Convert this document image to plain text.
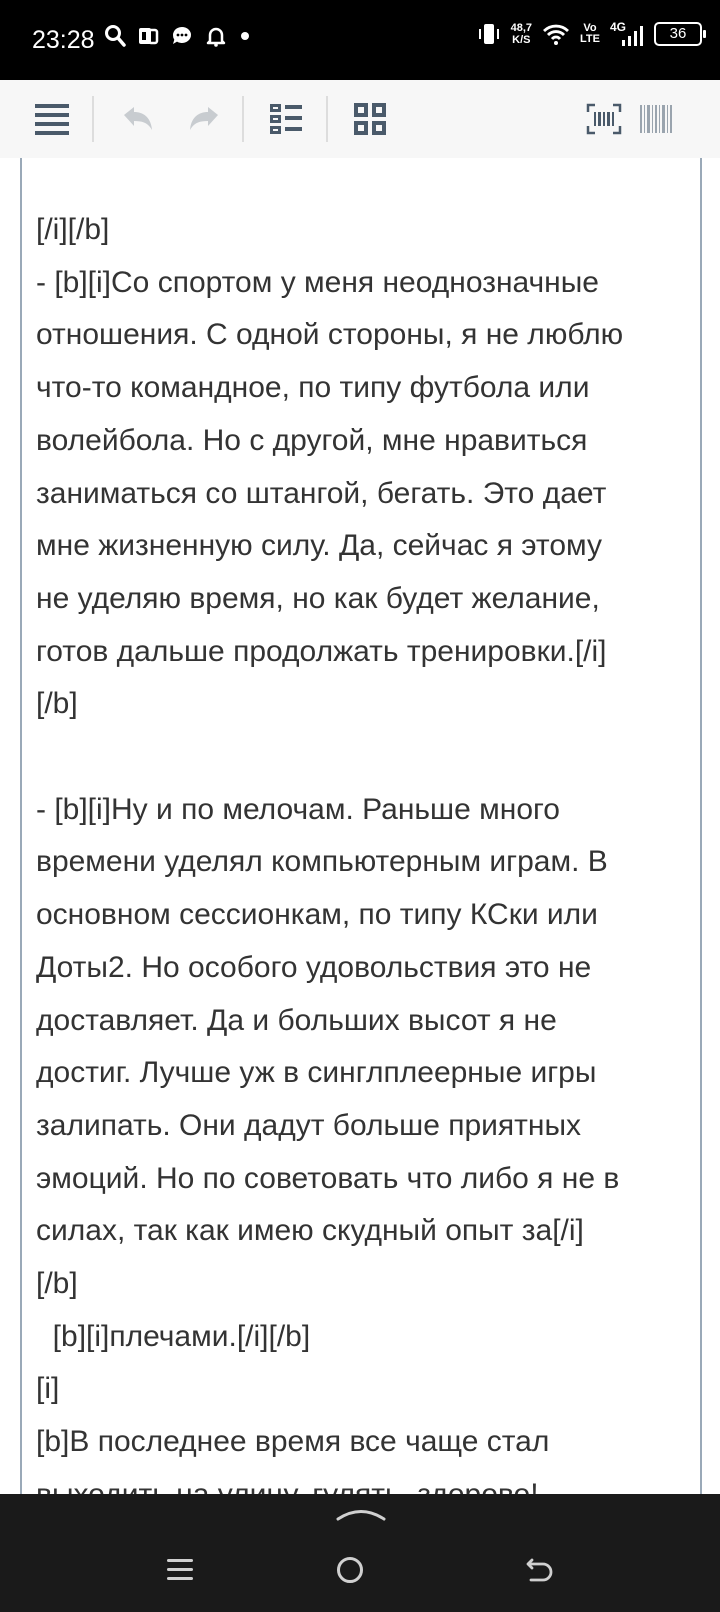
23:28	48,7
K/S
Vo
LTE
4G	36
[/i][/b]
- [b][i]Со спортом у меня неоднозначные
отношения. С одной стороны, я не люблю
что-то командное, по типу футбола или
волейбола. Но с другой, мне нравиться
заниматься со штангой, бегать. Это дает
мне жизненную силу. Да, сейчас я этому
не уделяю время, но как будет желание,
готов дальше продолжать тренировки.[/i]
[/b]

- [b][i]Ну и по мелочам. Раньше много
времени уделял компьютерным играм. В
основном сессионкам, по типу КСки или
Доты2. Но особого удовольствия это не
доставляет. Да и больших высот я не
достиг. Лучше уж в синглплеерные игры
залипать. Они дадут больше приятных
эмоций. Но по советовать что либо я не в
силах, так как имею скудный опыт за[/i]
[/b]
[b][i]плечами.[/i][/b]
[i]
[b]В последнее время все чаще стал
